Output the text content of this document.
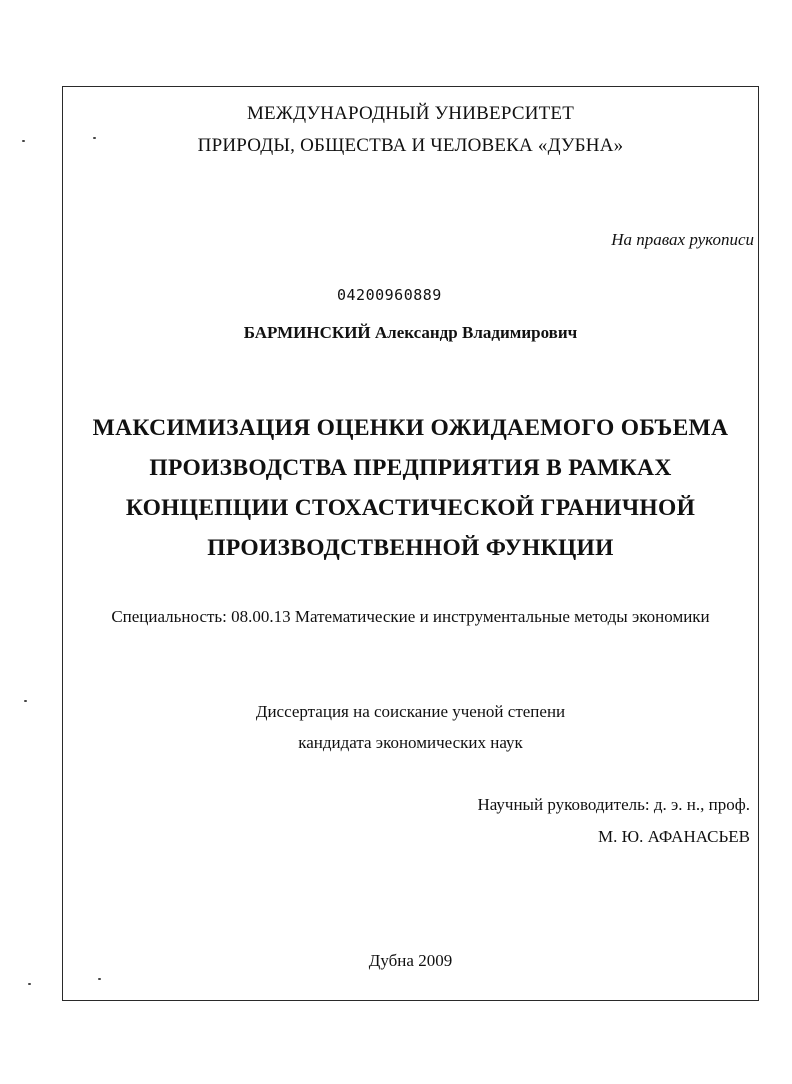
МЕЖДУНАРОДНЫЙ УНИВЕРСИТЕТ
ПРИРОДЫ, ОБЩЕСТВА И ЧЕЛОВЕКА «ДУБНА»
На правах рукописи
04200960889
БАРМИНСКИЙ Александр Владимирович
МАКСИМИЗАЦИЯ ОЦЕНКИ ОЖИДАЕМОГО ОБЪЕМА
ПРОИЗВОДСТВА ПРЕДПРИЯТИЯ В РАМКАХ
КОНЦЕПЦИИ СТОХАСТИЧЕСКОЙ ГРАНИЧНОЙ
ПРОИЗВОДСТВЕННОЙ ФУНКЦИИ
Специальность: 08.00.13 Математические и инструментальные методы экономики
Диссертация на соискание ученой степени
кандидата экономических наук
Научный руководитель: д. э. н., проф.
М. Ю. АФАНАСЬЕВ
Дубна 2009
